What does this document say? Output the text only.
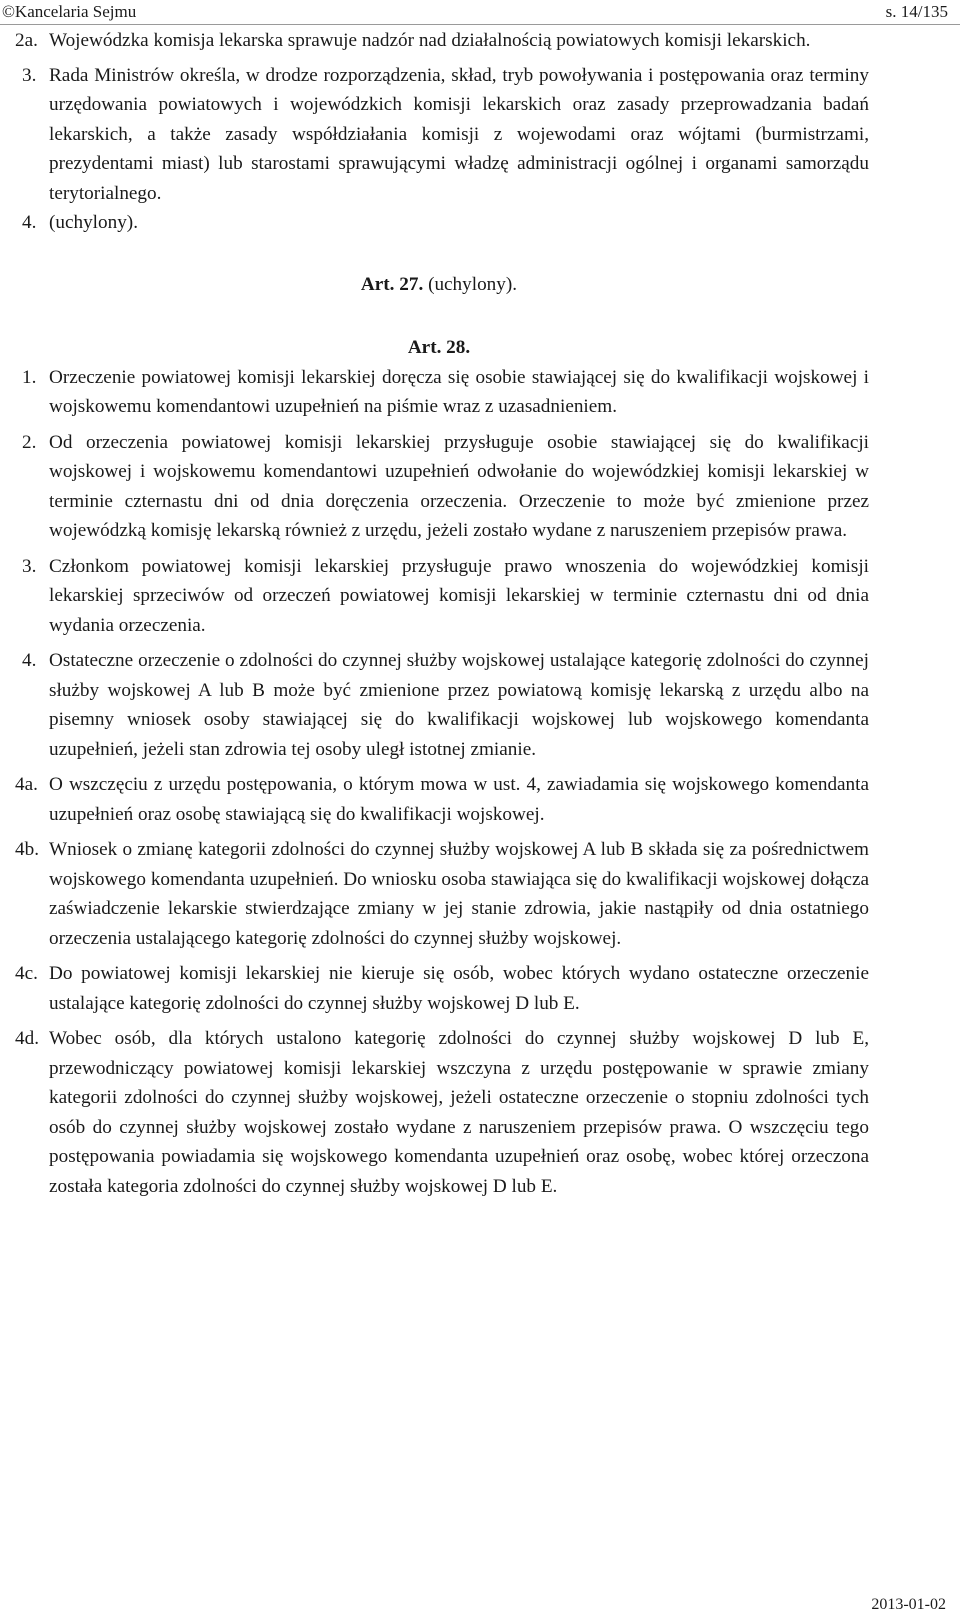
©Kancelaria Sejmu	s. 14/135

2a. Wojewódzka komisja lekarska sprawuje nadzór nad działalnością powiatowych komisji lekarskich.

3. Rada Ministrów określa, w drodze rozporządzenia, skład, tryb powoływania i postępowania oraz terminy urzędowania powiatowych i wojewódzkich komisji lekarskich oraz zasady przeprowadzania badań lekarskich, a także zasady współdziałania komisji z wojewodami oraz wójtami (burmistrzami, prezydentami miast) lub starostami sprawującymi władzę administracji ogólnej i organami samorządu terytorialnego.

4. (uchylony).

Art. 27. (uchylony).

Art. 28.

1. Orzeczenie powiatowej komisji lekarskiej doręcza się osobie stawiającej się do kwalifikacji wojskowej i wojskowemu komendantowi uzupełnień na piśmie wraz z uzasadnieniem.

2. Od orzeczenia powiatowej komisji lekarskiej przysługuje osobie stawiającej się do kwalifikacji wojskowej i wojskowemu komendantowi uzupełnień odwołanie do wojewódzkiej komisji lekarskiej w terminie czternastu dni od dnia doręczenia orzeczenia. Orzeczenie to może być zmienione przez wojewódzką komisję lekarską również z urzędu, jeżeli zostało wydane z naruszeniem przepisów prawa.

3. Członkom powiatowej komisji lekarskiej przysługuje prawo wnoszenia do wojewódzkiej komisji lekarskiej sprzeciwów od orzeczeń powiatowej komisji lekarskiej w terminie czternastu dni od dnia wydania orzeczenia.

4. Ostateczne orzeczenie o zdolności do czynnej służby wojskowej ustalające kategorię zdolności do czynnej służby wojskowej A lub B może być zmienione przez powiatową komisję lekarską z urzędu albo na pisemny wniosek osoby stawiającej się do kwalifikacji wojskowej lub wojskowego komendanta uzupełnień, jeżeli stan zdrowia tej osoby uległ istotnej zmianie.

4a. O wszczęciu z urzędu postępowania, o którym mowa w ust. 4, zawiadamia się wojskowego komendanta uzupełnień oraz osobę stawiającą się do kwalifikacji wojskowej.

4b. Wniosek o zmianę kategorii zdolności do czynnej służby wojskowej A lub B składa się za pośrednictwem wojskowego komendanta uzupełnień. Do wniosku osoba stawiająca się do kwalifikacji wojskowej dołącza zaświadczenie lekarskie stwierdzające zmiany w jej stanie zdrowia, jakie nastąpiły od dnia ostatniego orzeczenia ustalającego kategorię zdolności do czynnej służby wojskowej.

4c. Do powiatowej komisji lekarskiej nie kieruje się osób, wobec których wydano ostateczne orzeczenie ustalające kategorię zdolności do czynnej służby wojskowej D lub E.

4d. Wobec osób, dla których ustalono kategorię zdolności do czynnej służby wojskowej D lub E, przewodniczący powiatowej komisji lekarskiej wszczyna z urzędu postępowanie w sprawie zmiany kategorii zdolności do czynnej służby wojskowej, jeżeli ostateczne orzeczenie o stopniu zdolności tych osób do czynnej służby wojskowej zostało wydane z naruszeniem przepisów prawa. O wszczęciu tego postępowania powiadamia się wojskowego komendanta uzupełnień oraz osobę, wobec której orzeczona została kategoria zdolności do czynnej służby wojskowej D lub E.

2013-01-02
